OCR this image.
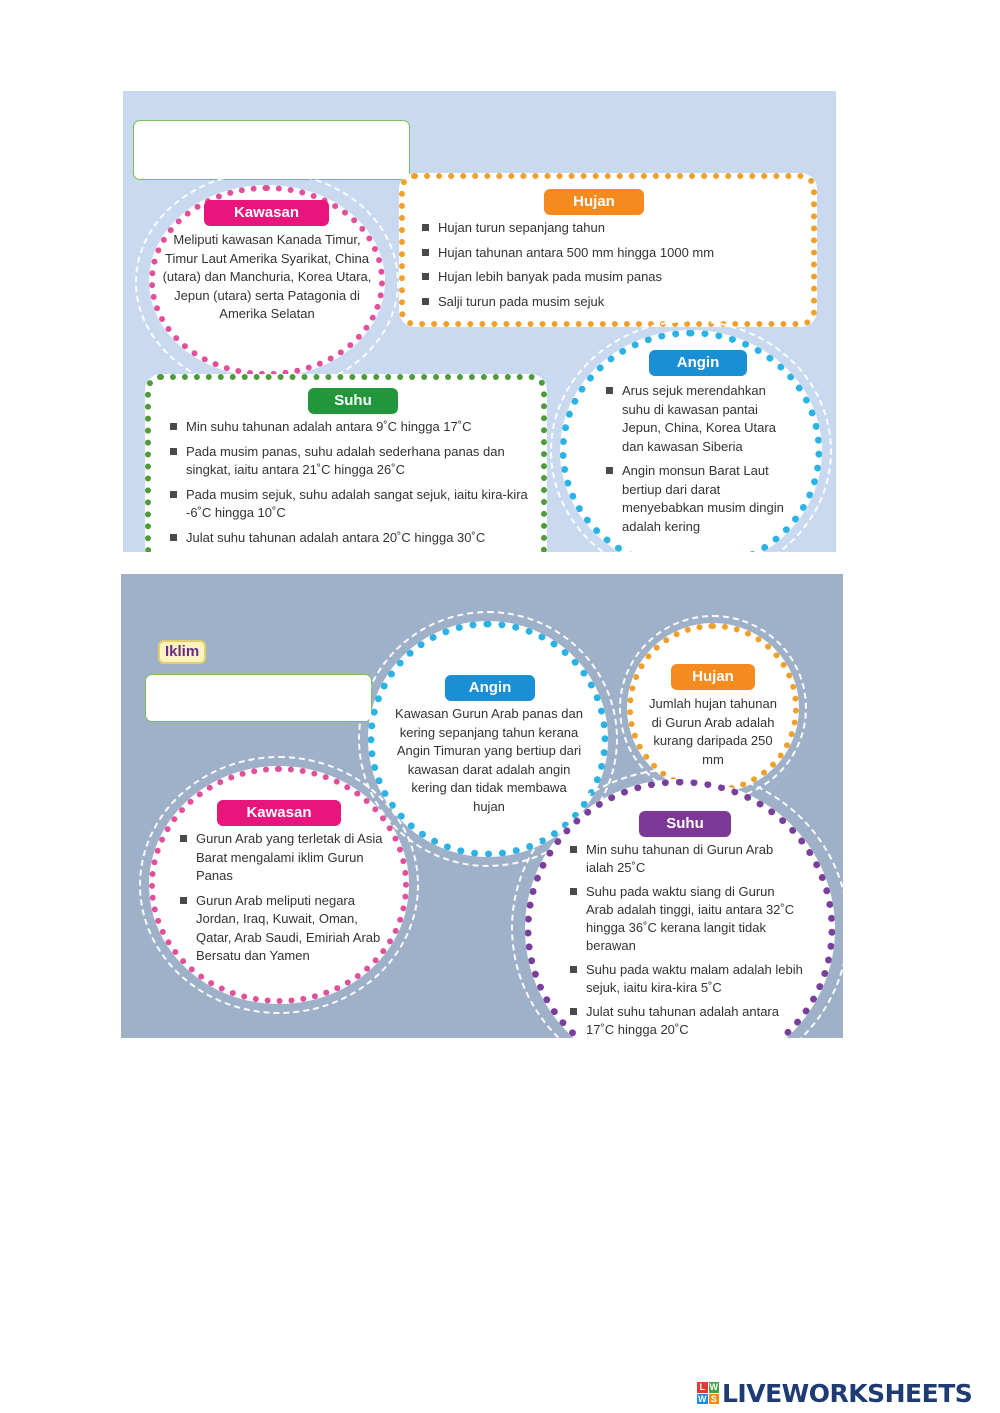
Kawasan
Meliputi kawasan Kanada Timur, Timur Laut Amerika Syarikat, China (utara) dan Manchuria, Korea Utara, Jepun (utara) serta Patagonia di Amerika Selatan
Hujan
Hujan turun sepanjang tahun
Hujan tahunan antara 500 mm hingga 1000 mm
Hujan lebih banyak pada musim panas
Salji turun pada musim sejuk
Angin
Arus sejuk merendahkan suhu di kawasan pantai Jepun, China, Korea Utara dan kawasan Siberia
Angin monsun Barat Laut bertiup dari darat menyebabkan musim dingin adalah kering
Suhu
Min suhu tahunan adalah antara 9˚C hingga 17˚C
Pada musim panas, suhu adalah sederhana panas dan singkat, iaitu antara 21˚C hingga 26˚C
Pada musim sejuk, suhu adalah sangat sejuk, iaitu kira-kira -6˚C hingga 10˚C
Julat suhu tahunan adalah antara 20˚C hingga 30˚C
Iklim
Angin
Kawasan Gurun Arab panas dan kering sepanjang tahun kerana Angin Timuran yang bertiup dari kawasan darat adalah angin kering dan tidak membawa hujan
Hujan
Jumlah hujan tahunan di Gurun Arab adalah kurang daripada 250 mm
Kawasan
Gurun Arab yang terletak di Asia Barat mengalami iklim Gurun Panas
Gurun Arab meliputi negara Jordan, Iraq, Kuwait, Oman, Qatar, Arab Saudi, Emiriah Arab Bersatu dan Yamen
Suhu
Min suhu tahunan di Gurun Arab ialah 25˚C
Suhu pada waktu siang di Gurun Arab adalah tinggi, iaitu antara 32˚C hingga 36˚C kerana langit tidak berawan
Suhu pada waktu malam adalah lebih sejuk, iaitu kira-kira 5˚C
Julat suhu tahunan adalah antara 17˚C hingga 20˚C
L W
W S LIVEWORKSHEETS
